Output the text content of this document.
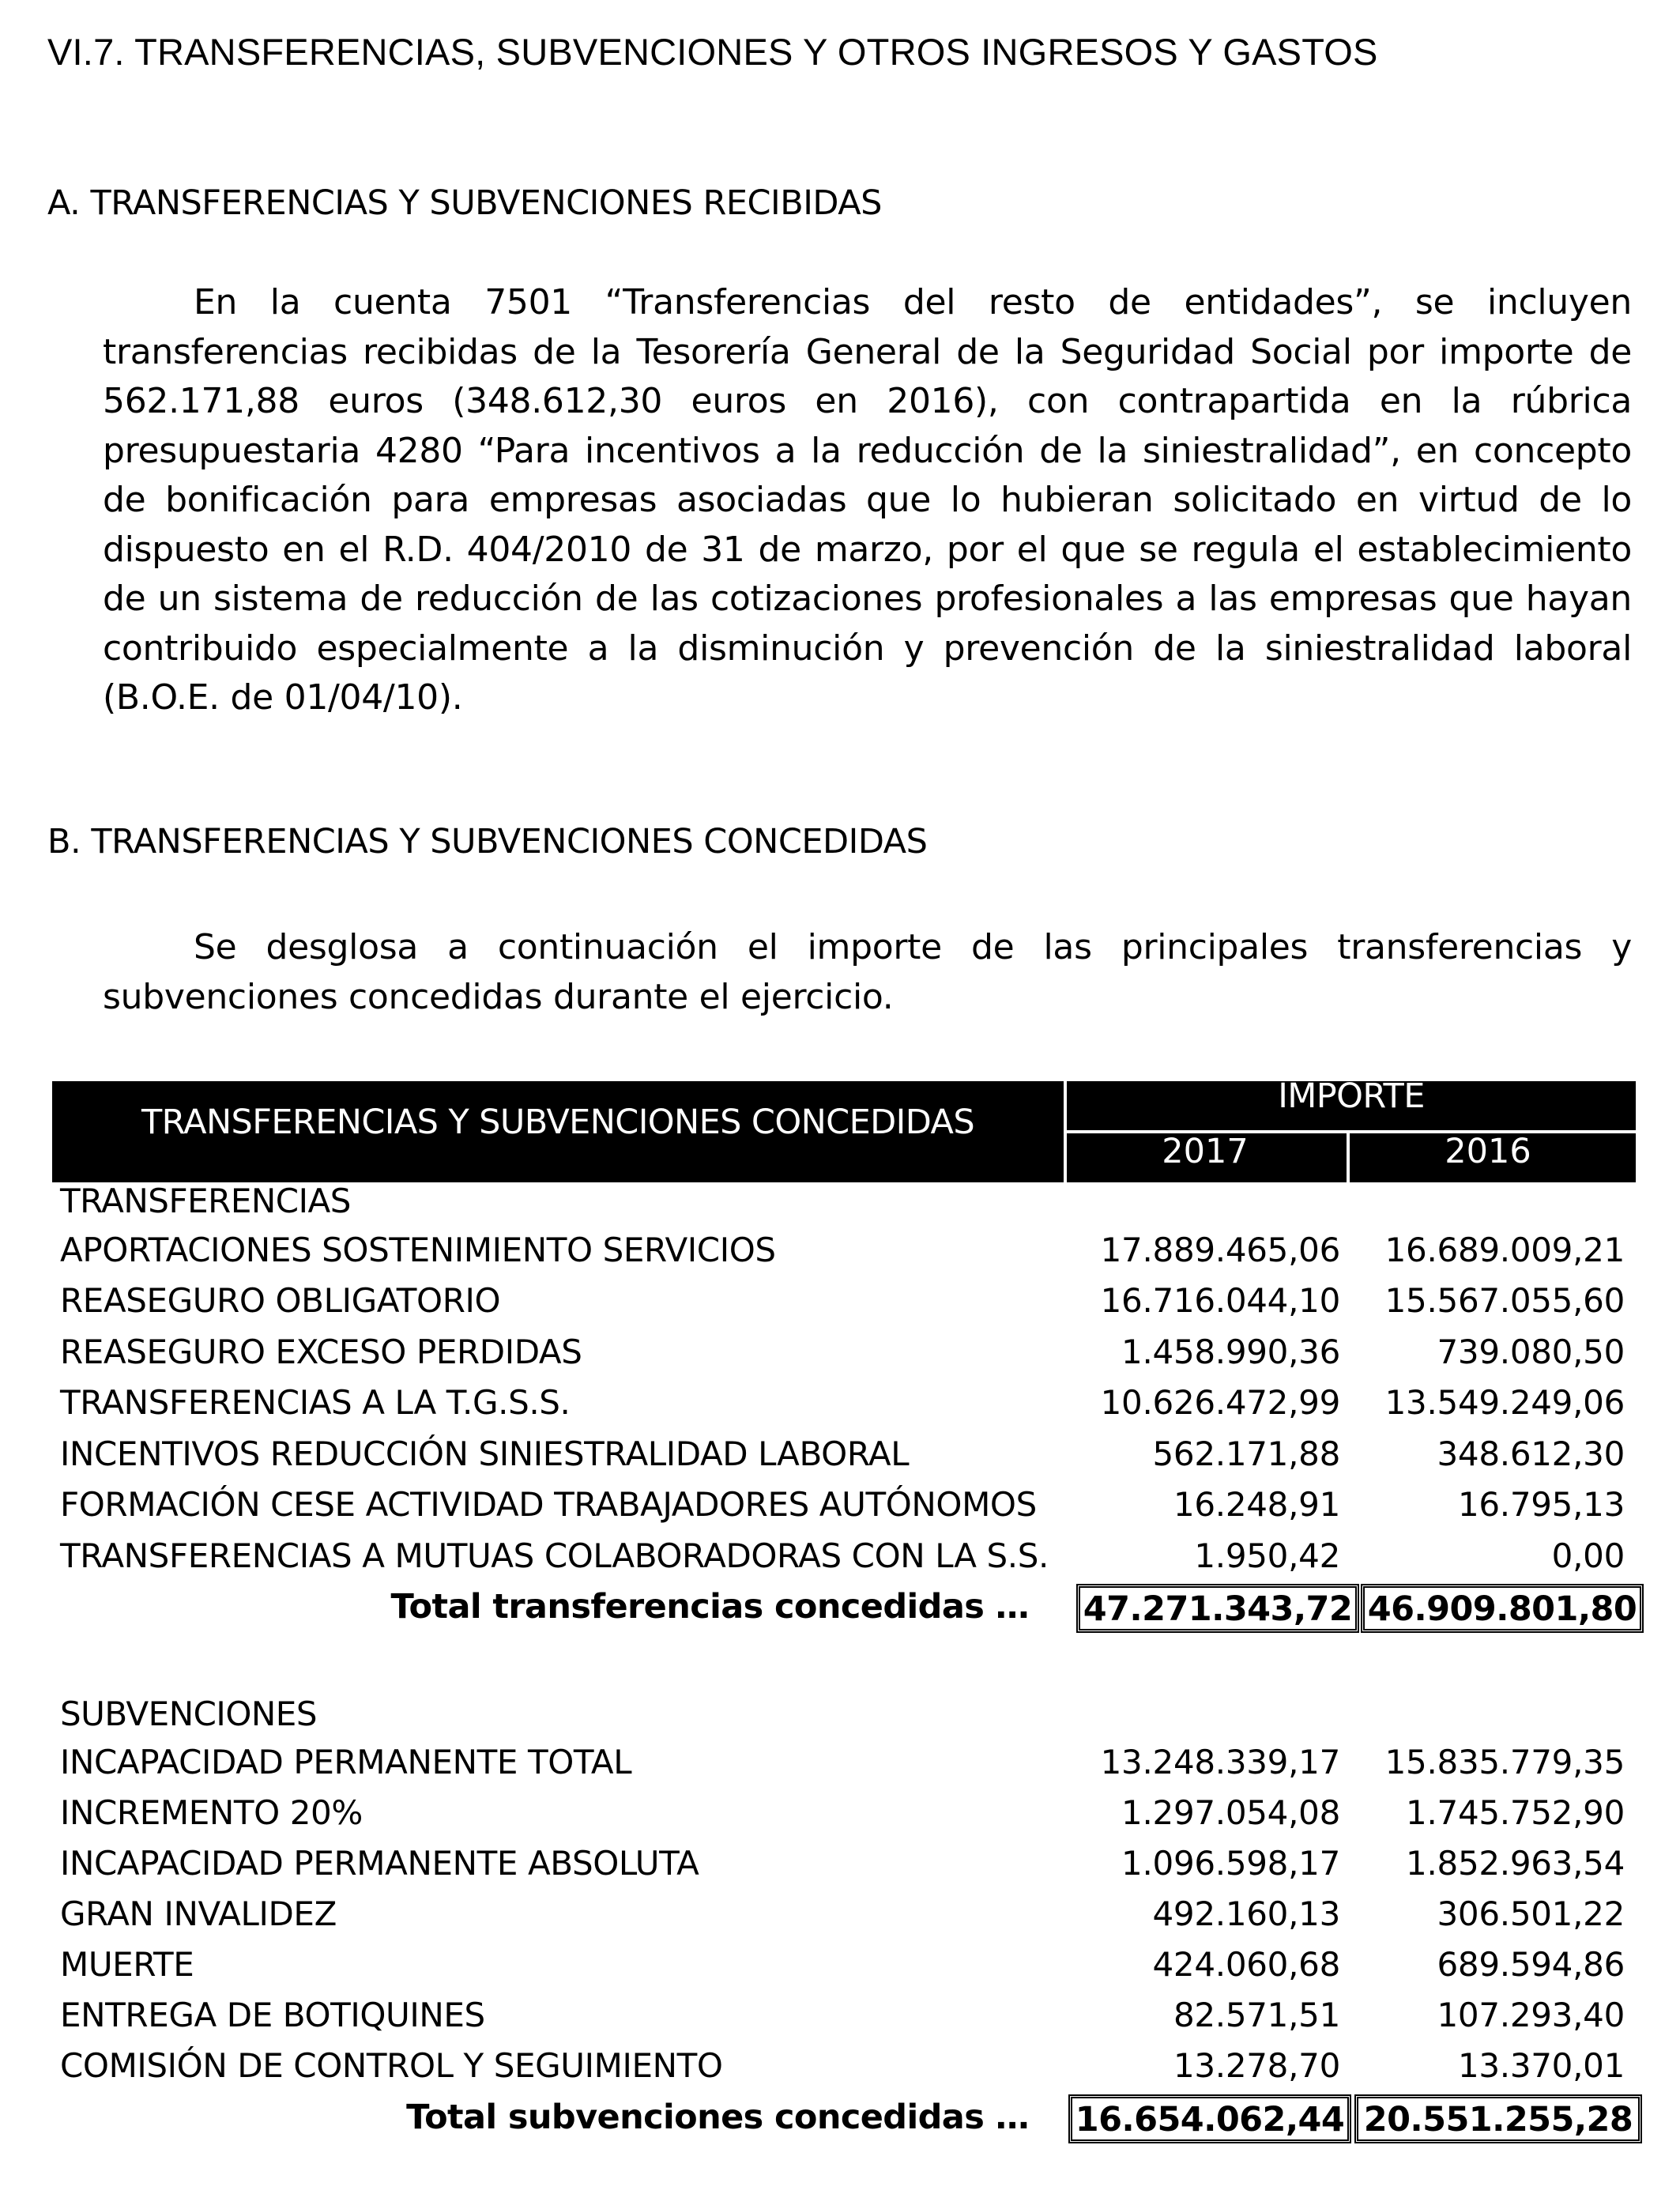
VI.7. TRANSFERENCIAS, SUBVENCIONES Y OTROS INGRESOS Y GASTOS
A. TRANSFERENCIAS Y SUBVENCIONES RECIBIDAS
En la cuenta 7501 “Transferencias del resto de entidades”, se incluyen transferencias recibidas de la Tesorería General de la Seguridad Social por importe de 562.171,88 euros (348.612,30 euros en 2016), con contrapartida en la rúbrica presupuestaria 4280 “Para incentivos a la reducción de la siniestralidad”, en concepto de bonificación para empresas asociadas que lo hubieran solicitado en virtud de lo dispuesto en el R.D. 404/2010 de 31 de marzo, por el que se regula el establecimiento de un sistema de reducción de las cotizaciones profesionales a las empresas que hayan contribuido especialmente a la disminución y prevención de la siniestralidad laboral (B.O.E. de 01/04/10).
B. TRANSFERENCIAS Y SUBVENCIONES CONCEDIDAS
Se desglosa a continuación el importe de las principales transferencias y subvenciones concedidas durante el ejercicio.
TRANSFERENCIAS Y SUBVENCIONES CONCEDIDAS
IMPORTE
2017	2016
TRANSFERENCIAS
APORTACIONES SOSTENIMIENTO SERVICIOS	17.889.465,06 16.689.009,21
REASEGURO OBLIGATORIO	16.716.044,10 15.567.055,60
REASEGURO EXCESO PERDIDAS	1.458.990,36	739.080,50
TRANSFERENCIAS A LA T.G.S.S.	10.626.472,99 13.549.249,06
INCENTIVOS REDUCCIÓN SINIESTRALIDAD LABORAL	562.171,88	348.612,30
FORMACIÓN CESE ACTIVIDAD TRABAJADORES AUTÓNOMOS	16.248,91	16.795,13
TRANSFERENCIAS A MUTUAS COLABORADORAS CON LA S.S.	1.950,42	0,00
Total transferencias concedidas … 47.271.343,72 46.909.801,80
SUBVENCIONES
INCAPACIDAD PERMANENTE TOTAL	13.248.339,17 15.835.779,35
INCREMENTO 20%	1.297.054,08 1.745.752,90
INCAPACIDAD PERMANENTE ABSOLUTA	1.096.598,17 1.852.963,54
GRAN INVALIDEZ	492.160,13	306.501,22
MUERTE	424.060,68	689.594,86
ENTREGA DE BOTIQUINES	82.571,51	107.293,40
COMISIÓN DE CONTROL Y SEGUIMIENTO	13.278,70	13.370,01
Total subvenciones concedidas … 16.654.062,44 20.551.255,28
